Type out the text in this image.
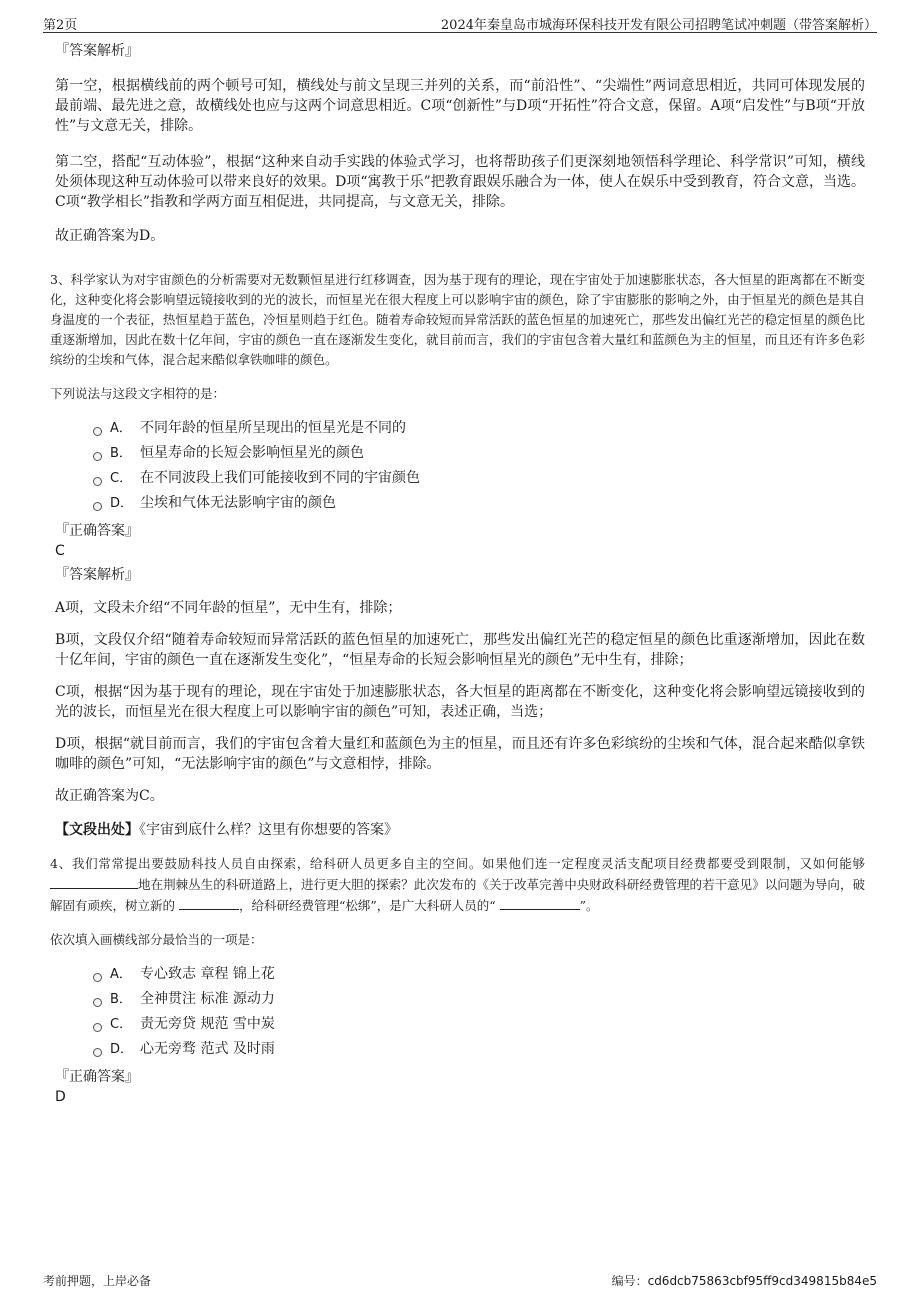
第2页	2024年秦皇岛市城海环保科技开发有限公司招聘笔试冲刺题（带答案解析）

『答案解析』

第一空，根据横线前的两个顿号可知，横线处与前文呈现三并列的关系，而“前沿性”、“尖端性”两词意思相近，共同可体现发展的最前端、最先进之意，故横线处也应与这两个词意思相近。C项“创新性”与D项“开拓性”符合文意，保留。A项“启发性”与B项“开放性”与文意无关，排除。

第二空，搭配“互动体验”，根据“这种来自动手实践的体验式学习，也将帮助孩子们更深刻地领悟科学理论、科学常识”可知，横线处须体现这种互动体验可以带来良好的效果。D项“寓教于乐”把教育跟娱乐融合为一体，使人在娱乐中受到教育，符合文意，当选。C项“教学相长”指教和学两方面互相促进，共同提高，与文意无关，排除。

故正确答案为D。

3、科学家认为对宇宙颜色的分析需要对无数颗恒星进行红移调查，因为基于现有的理论，现在宇宙处于加速膨胀状态，各大恒星的距离都在不断变化，这种变化将会影响望远镜接收到的光的波长，而恒星光在很大程度上可以影响宇宙的颜色，除了宇宙膨胀的影响之外，由于恒星光的颜色是其自身温度的一个表征，热恒星趋于蓝色，冷恒星则趋于红色。随着寿命较短而异常活跃的蓝色恒星的加速死亡，那些发出偏红光芒的稳定恒星的颜色比重逐渐增加，因此在数十亿年间，宇宙的颜色一直在逐渐发生变化，就目前而言，我们的宇宙包含着大量红和蓝颜色为主的恒星，而且还有许多色彩缤纷的尘埃和气体，混合起来酷似拿铁咖啡的颜色。

下列说法与这段文字相符的是：

A． 不同年龄的恒星所呈现出的恒星光是不同的
B． 恒星寿命的长短会影响恒星光的颜色
C． 在不同波段上我们可能接收到不同的宇宙颜色
D． 尘埃和气体无法影响宇宙的颜色

『正确答案』

C

『答案解析』

A项，文段未介绍“不同年龄的恒星”，无中生有，排除；

B项，文段仅介绍“随着寿命较短而异常活跃的蓝色恒星的加速死亡，那些发出偏红光芒的稳定恒星的颜色比重逐渐增加，因此在数十亿年间，宇宙的颜色一直在逐渐发生变化”，“恒星寿命的长短会影响恒星光的颜色”无中生有，排除；

C项，根据“因为基于现有的理论，现在宇宙处于加速膨胀状态，各大恒星的距离都在不断变化，这种变化将会影响望远镜接收到的光的波长，而恒星光在很大程度上可以影响宇宙的颜色”可知，表述正确，当选；

D项，根据“就目前而言，我们的宇宙包含着大量红和蓝颜色为主的恒星，而且还有许多色彩缤纷的尘埃和气体，混合起来酷似拿铁咖啡的颜色”可知，“无法影响宇宙的颜色”与文意相悖，排除。

故正确答案为C。

【文段出处】《宇宙到底什么样？这里有你想要的答案》

4、我们常常提出要鼓励科技人员自由探索，给科研人员更多自主的空间。如果他们连一定程度灵活支配项目经费都要受到限制，又如何能够地在荆棘丛生的科研道路上，进行更大胆的探索？此次发布的《关于改革完善中央财政科研经费管理的若干意见》以问题为导向，破解固有顽疾，树立新的	，给科研经费管理“松绑”，是广大科研人员的“	”。

依次填入画横线部分最恰当的一项是：

A． 专心致志 章程 锦上花
B． 全神贯注 标准 源动力
C． 责无旁贷 规范 雪中炭
D． 心无旁骛 范式 及时雨

『正确答案』

D

考前押题，上岸必备	编号：cd6dcb75863cbf95ff9cd349815b84e5
